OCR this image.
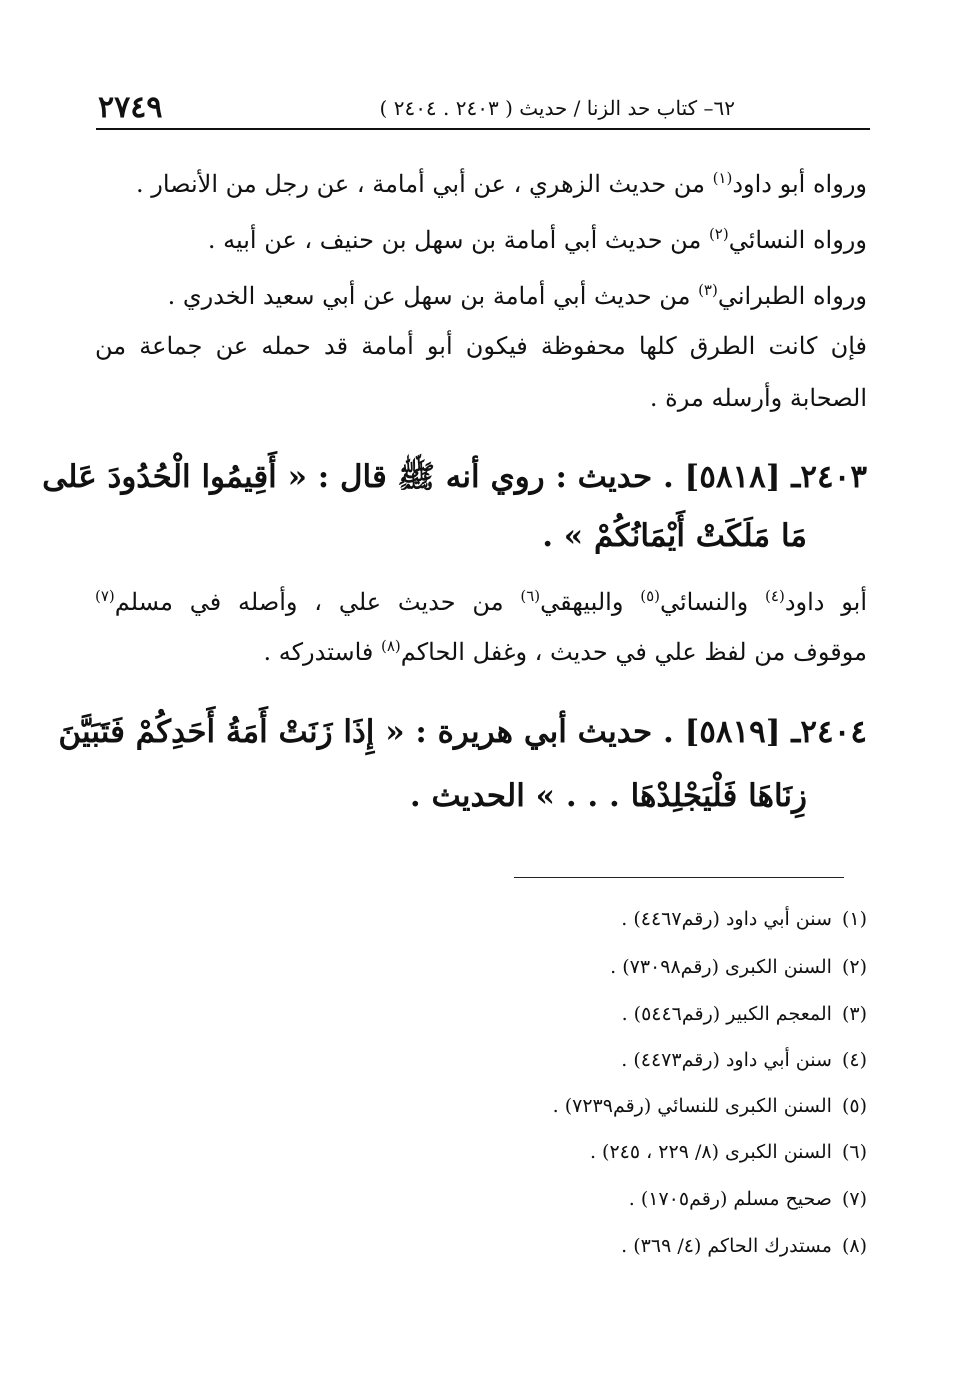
٢٧٤٩	٦٢– كتاب حد الزنا / حديث ( ٢٤٠٣ . ٢٤٠٤ )
ورواه أبو داود$^{(١)}$ من حديث الزهري ، عن أبي أمامة ، عن رجل من الأنصار .
ورواه النسائي$^{(٢)}$ من حديث أبي أمامة بن سهل بن حنيف ، عن أبيه .
ورواه الطبراني$^{(٣)}$ من حديث أبي أمامة بن سهل عن أبي سعيد الخدري .
فإن كانت الطرق كلها محفوظة فيكون أبو أمامة قد حمله عن جماعة من
الصحابة وأرسله مرة .
٢٤٠٣ـ [٥٨١٨] . حديث : روي أنه ﷺ قال : « أَقِيمُوا الْحُدُودَ عَلى
مَا مَلَكَتْ أَيْمَانُكُمْ » .
أبو داود$^{(٤)}$ والنسائي$^{(٥)}$ والبيهقي$^{(٦)}$ من حديث علي ، وأصله في مسلم$^{(٧)}$
موقوف من لفظ علي في حديث ، وغفل الحاكم$^{(٨)}$ فاستدركه .
٢٤٠٤ـ [٥٨١٩] . حديث أبي هريرة : « إِذَا زَنَتْ أَمَةُ أَحَدِكُمْ فَتَبَيَّنَ
زِنَاهَا فَلْيَجْلِدْهَا . . . » الحديث .
(١)سنن أبي داود (رقم٤٤٦٧) .
(٢)السنن الكبرى (رقم٧٣٠٩٨) .
(٣)المعجم الكبير (رقم٥٤٤٦) .
(٤)سنن أبي داود (رقم٤٤٧٣) .
(٥)السنن الكبرى للنسائي (رقم٧٢٣٩) .
(٦)السنن الكبرى (٨/ ٢٢٩ ، ٢٤٥) .
(٧)صحيح مسلم (رقم١٧٠٥) .
(٨)مستدرك الحاكم (٤/ ٣٦٩) .
